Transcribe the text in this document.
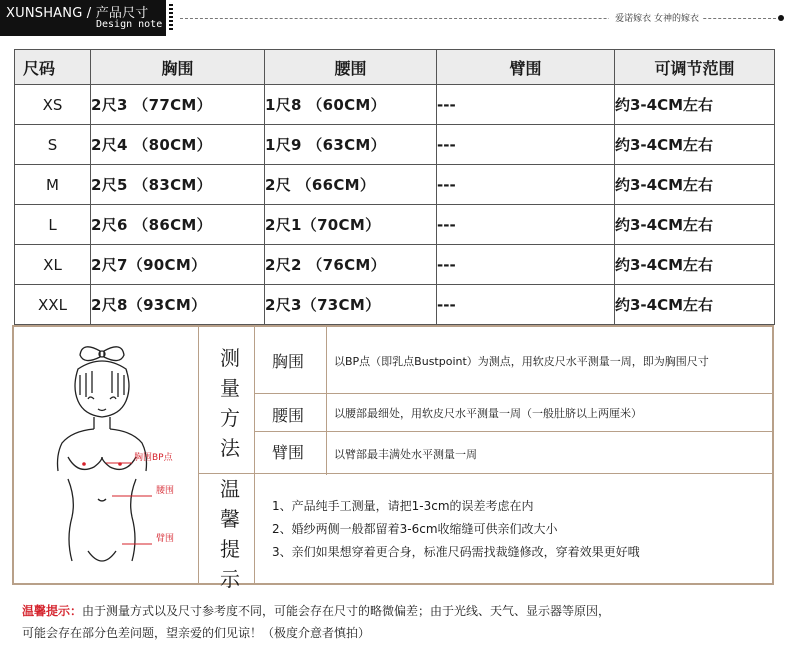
XUNSHANG / 产品尺寸
Design note	爱诺嫁衣 女神的嫁衣
尺码	胸围	腰围	臂围	可调节范围
XS	2尺3 （77CM）	1尺8 （60CM）	---	约3-4CM左右
S	2尺4 （80CM）	1尺9 （63CM）	---	约3-4CM左右
M	2尺5 （83CM）	2尺 （66CM）	---	约3-4CM左右
L	2尺6 （86CM）	2尺1（70CM）	---	约3-4CM左右
XL	2尺7（90CM）	2尺2 （76CM）	---	约3-4CM左右
XXL	2尺8（93CM）	2尺3（73CM）	---	约3-4CM左右
测
量
方
法
温
馨
提
示
胸围	以BP点（即乳点Bustpoint）为测点，用软皮尺水平测量一周，即为胸围尺寸
腰围	以腰部最细处，用软皮尺水平测量一周（一般肚脐以上两厘米）
臂围	以臂部最丰满处水平测量一周
1、产品纯手工测量，请把1-3cm的误差考虑在内
2、婚纱两侧一般都留着3-6cm收缩缝可供亲们改大小
3、亲们如果想穿着更合身，标准尺码需找裁缝修改，穿着效果更好哦
胸围BP点
腰围
臂围
温馨提示：由于测量方式以及尺寸参考度不同，可能会存在尺寸的略微偏差；由于光线、天气、显示器等原因，
可能会存在部分色差问题，望亲爱的们见谅！（极度介意者慎拍）
